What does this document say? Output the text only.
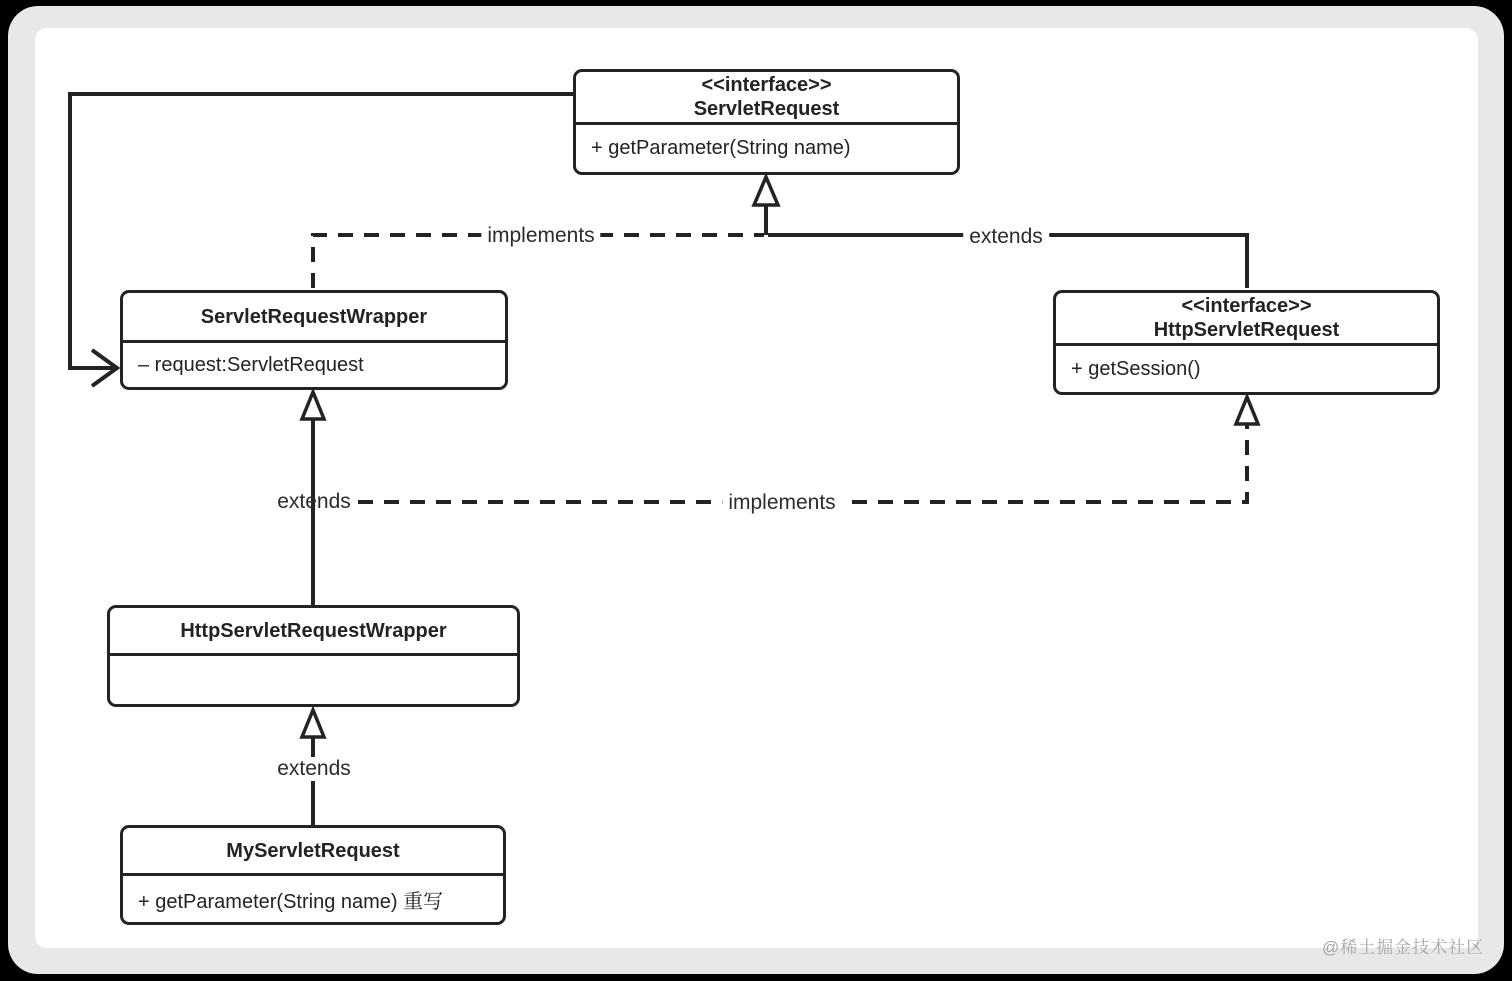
implements	extends
extends	implements
extends
<<interface>>
ServletRequest
+ getParameter(String name)
ServletRequestWrapper
– request:ServletRequest
<<interface>>
HttpServletRequest
+ getSession()
HttpServletRequestWrapper
MyServletRequest
+ getParameter(String name) 重写
@稀土掘金技术社区
